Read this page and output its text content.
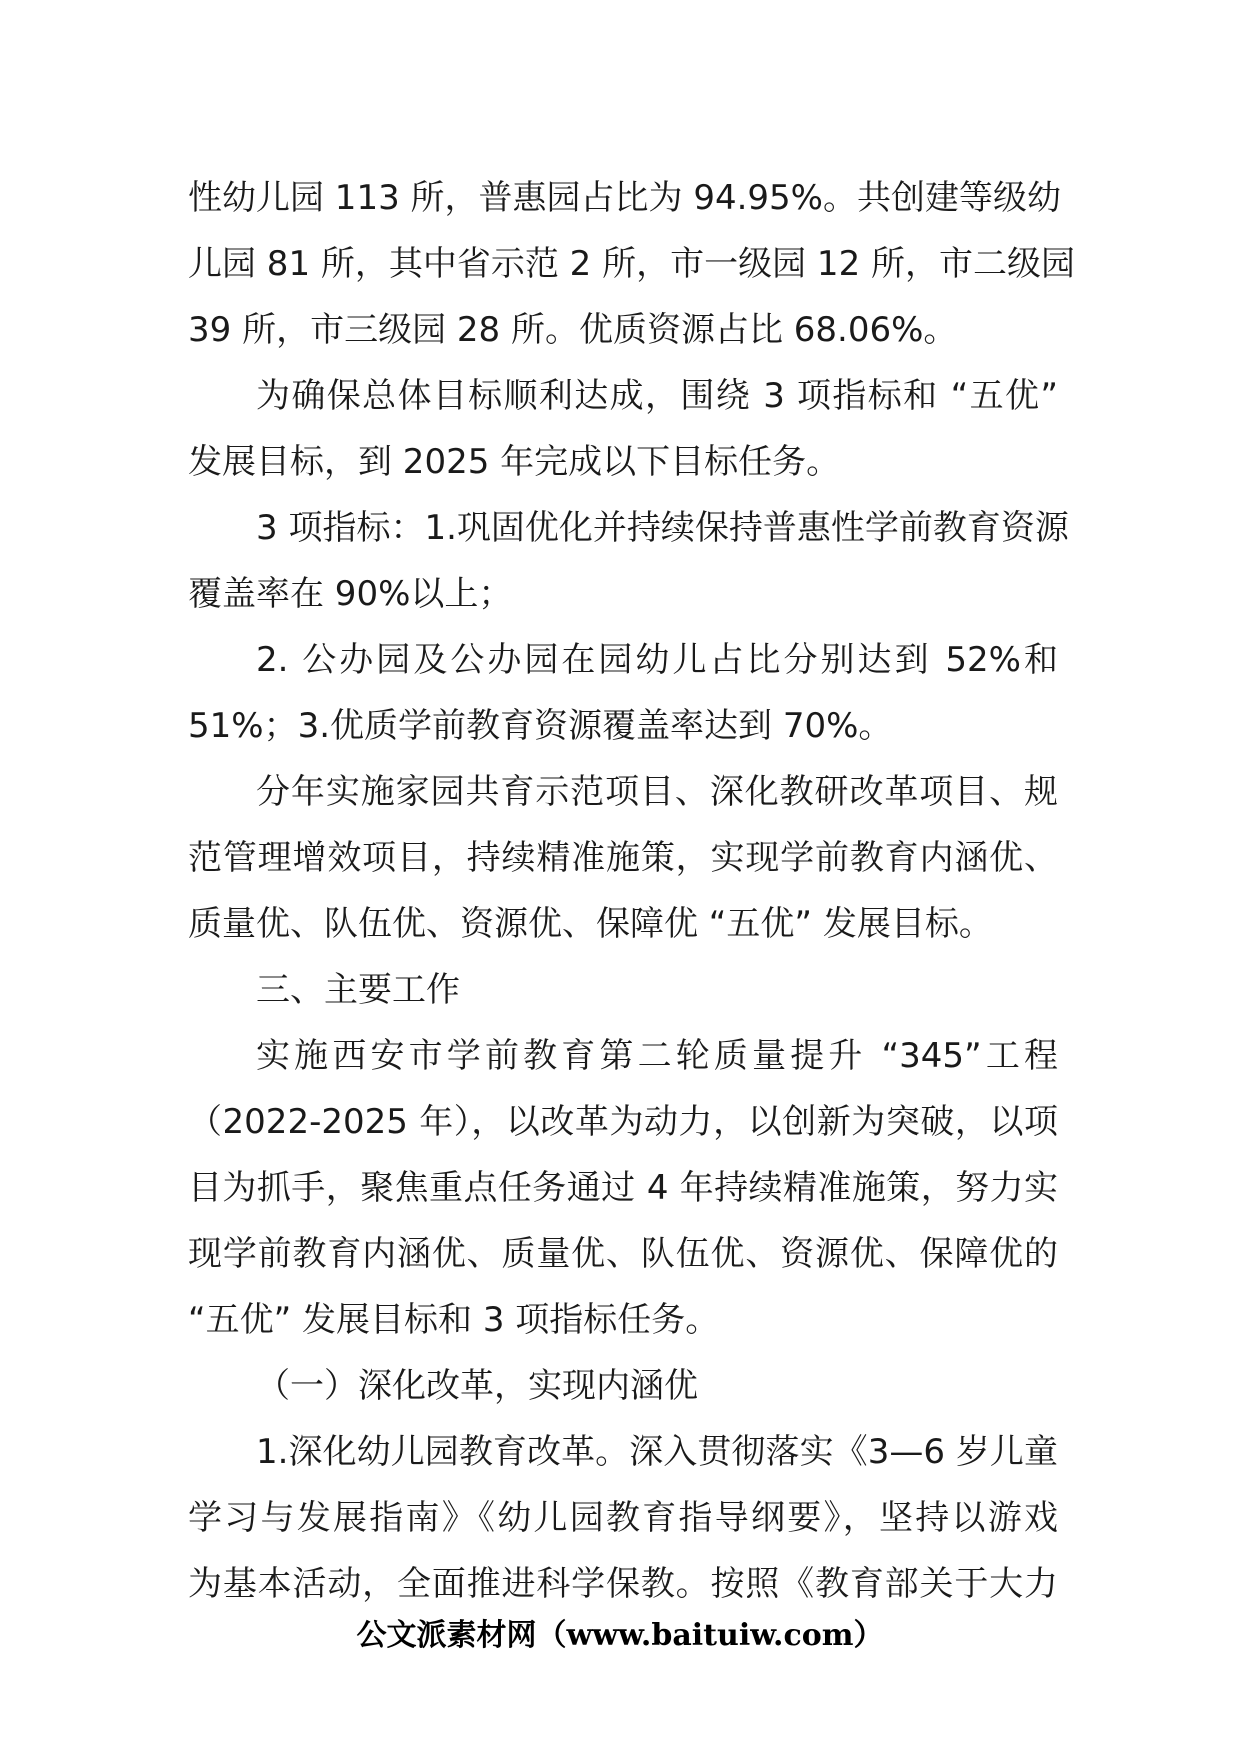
性幼儿园 113 所，普惠园占比为 94.95%。共创建等级幼
儿园 81 所，其中省示范 2 所，市一级园 12 所，市二级园
39 所，市三级园 28 所。优质资源占比 68.06%。
为确保总体目标顺利达成，围绕 3 项指标和 “五优”
发展目标，到 2025 年完成以下目标任务。
3 项指标：1.巩固优化并持续保持普惠性学前教育资源
覆盖率在 90%以上；
2. 公办园及公办园在园幼儿占比分别达到 52%和
51%；3.优质学前教育资源覆盖率达到 70%。
分年实施家园共育示范项目、深化教研改革项目、规
范管理增效项目，持续精准施策，实现学前教育内涵优、
质量优、队伍优、资源优、保障优 “五优” 发展目标。
三、主要工作
实施西安市学前教育第二轮质量提升 “345”工程
（2022-2025 年），以改革为动力，以创新为突破，以项
目为抓手，聚焦重点任务通过 4 年持续精准施策，努力实
现学前教育内涵优、质量优、队伍优、资源优、保障优的
“五优” 发展目标和 3 项指标任务。
（一）深化改革，实现内涵优
1.深化幼儿园教育改革。深入贯彻落实《3—6 岁儿童
学习与发展指南》《幼儿园教育指导纲要》，坚持以游戏
为基本活动，全面推进科学保教。按照《教育部关于大力
公文派素材网（www.baituiw.com）
